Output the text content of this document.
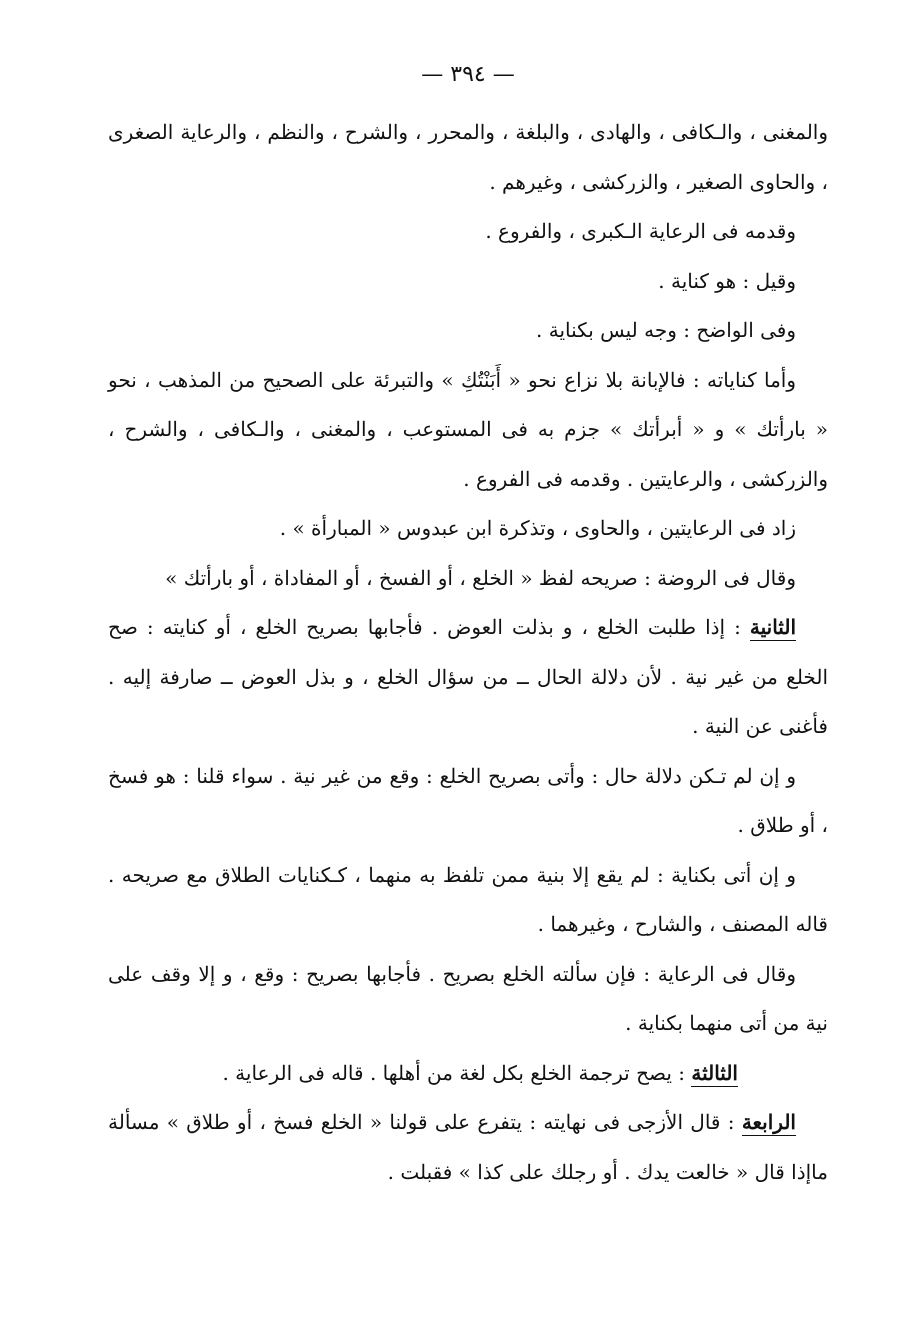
— ٣٩٤ —

والمغنى ، والـكافى ، والهادى ، والبلغة ، والمحرر ، والشرح ، والنظم ، والرعاية الصغرى ، والحاوى الصغير ، والزركشى ، وغيرهم .

وقدمه فى الرعاية الـكبرى ، والفروع .

وقيل : هو كناية .

وفى الواضح : وجه ليس بكناية .

وأما كناياته : فالإبانة بلا نزاع نحو « أَبَنْتُكِ » والتبرئة على الصحيح من المذهب ، نحو « بارأتك » و « أبرأتك » جزم به فى المستوعب ، والمغنى ، والـكافى ، والشرح ، والزركشى ، والرعايتين . وقدمه فى الفروع .

زاد فى الرعايتين ، والحاوى ، وتذكرة ابن عبدوس « المبارأة » .

وقال فى الروضة : صريحه لفظ « الخلع ، أو الفسخ ، أو المفاداة ، أو بارأتك »

الثانية : إذا طلبت الخلع ، و بذلت العوض . فأجابها بصريح الخلع ، أو كنايته : صح الخلع من غير نية . لأن دلالة الحال ــ من سؤال الخلع ، و بذل العوض ــ صارفة إليه . فأغنى عن النية .

و إن لم تـكن دلالة حال : وأتى بصريح الخلع : وقع من غير نية . سواء قلنا : هو فسخ ، أو طلاق .

و إن أتى بكناية : لم يقع إلا بنية ممن تلفظ به منهما ، كـكنايات الطلاق مع صريحه . قاله المصنف ، والشارح ، وغيرهما .

وقال فى الرعاية : فإن سألته الخلع بصريح . فأجابها بصريح : وقع ، و إلا وقف على نية من أتى منهما بكناية .

الثالثة : يصح ترجمة الخلع بكل لغة من أهلها . قاله فى الرعاية .

الرابعة : قال الأزجى فى نهايته : يتفرع على قولنا « الخلع فسخ ، أو طلاق » مسألة ماإذا قال « خالعت يدك . أو رجلك على كذا » فقبلت .
